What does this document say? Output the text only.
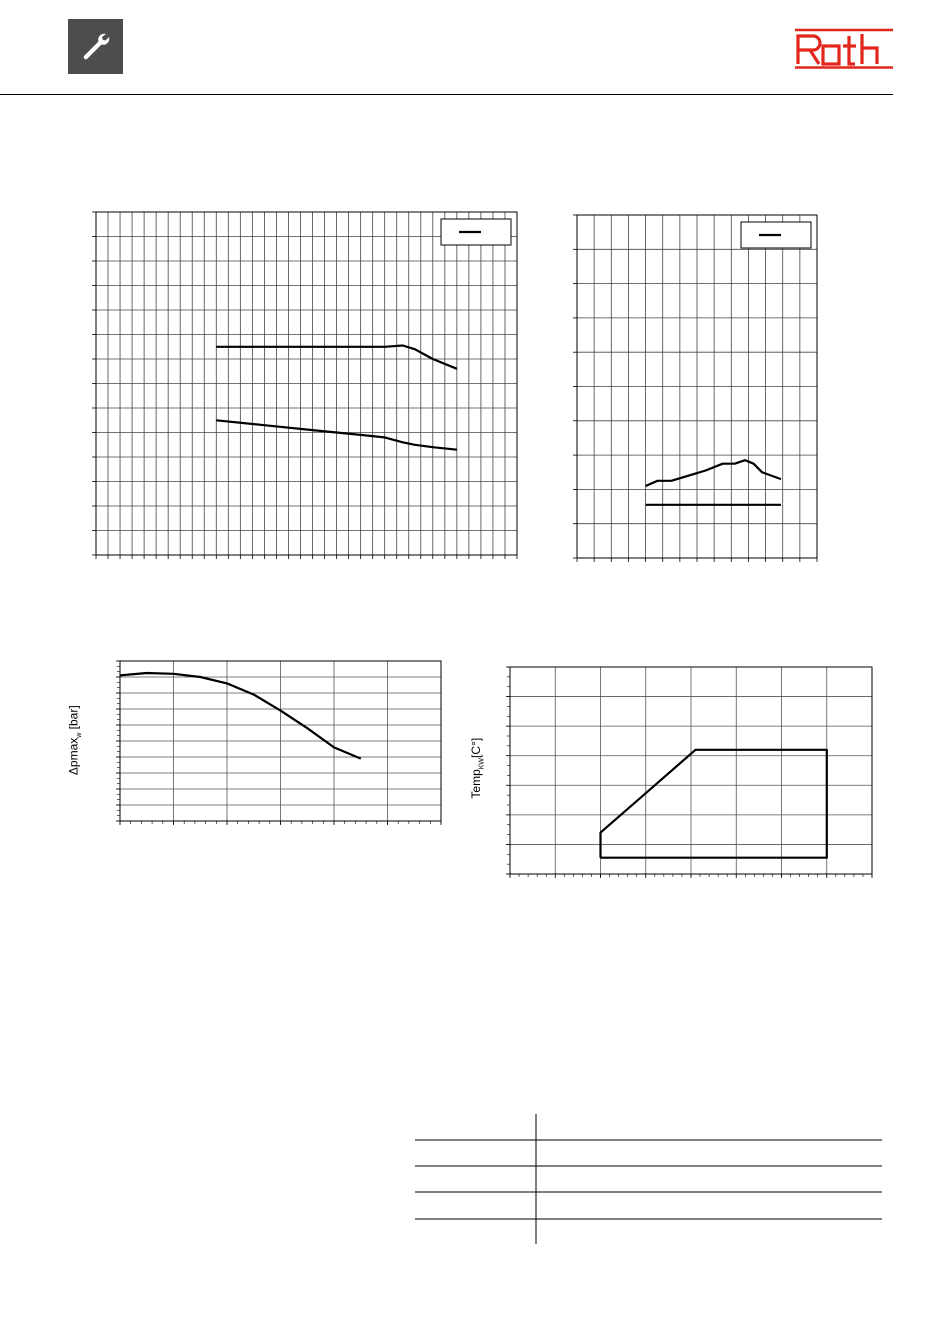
Δpmax$_w$ [bar]
Temp$_{KW}$[C°]
